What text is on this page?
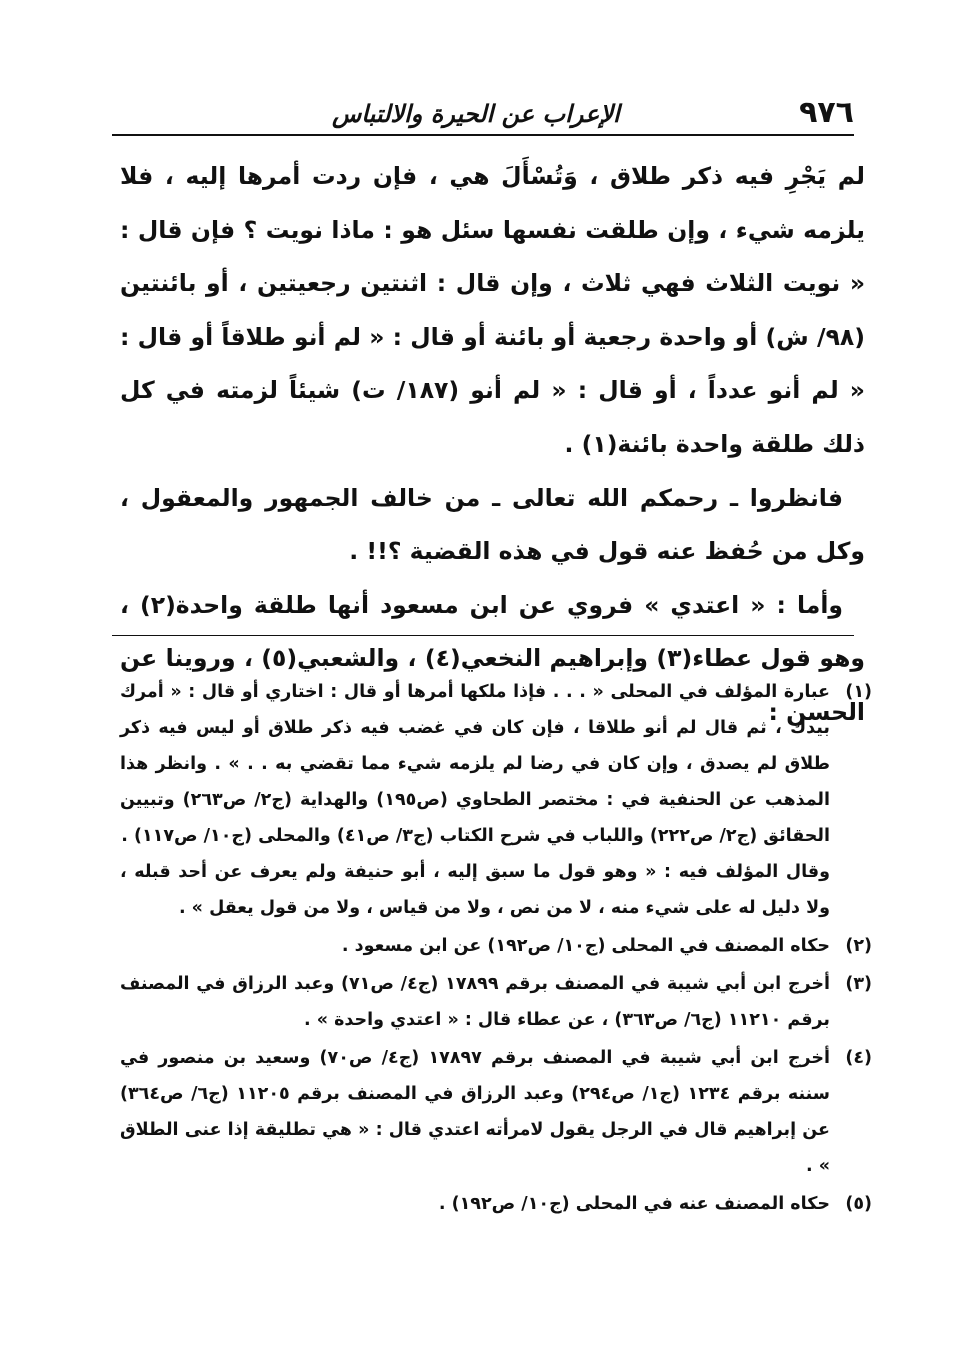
٩٧٦
الإعراب عن الحيرة والالتباس

لم يَجْرِ فيه ذكر طلاق ، وَتُسْأَلَ هي ، فإن ردت أمرها إليه ، فلا يلزمه شيء ، وإن طلقت نفسها سئل هو : ماذا نويت ؟ فإن قال : « نويت الثلاث فهي ثلاث ، وإن قال : اثنتين رجعيتين ، أو بائنتين (٩٨/ ش) أو واحدة رجعية أو بائنة أو قال : « لم أنو طلاقاً أو قال : « لم أنو عدداً ، أو قال : « لم أنو (١٨٧/ ت) شيئاً لزمته في كل ذلك طلقة واحدة بائنة(١) .

فانظروا ـ رحمكم الله تعالى ـ من خالف الجمهور والمعقول ، وكل من حُفظ عنه قول في هذه القضية ؟!! .

وأما : « اعتدي » فروي عن ابن مسعود أنها طلقة واحدة(٢) ، وهو قول عطاء(٣) وإبراهيم النخعي(٤) ، والشعبي(٥) ، وروينا عن الحسن :

(١)
عبارة المؤلف في المحلى « . . . فإذا ملكها أمرها أو قال : اختاري أو قال : « أمرك بيدك ، ثم قال لم أنو طلاقا ، فإن كان في غضب فيه ذكر طلاق أو ليس فيه ذكر طلاق لم يصدق ، وإن كان في رضا لم يلزمه شيء مما تقضي به . . » . وانظر هذا المذهب عن الحنفية في : مختصر الطحاوي (ص١٩٥) والهداية (ج٢/ ص٢٦٣) وتبيين الحقائق (ج٢/ ص٢٢٢) واللباب في شرح الكتاب (ج٣/ ص٤١) والمحلى (ج١٠/ ص١١٧) .
وقال المؤلف فيه : « وهو قول ما سبق إليه ، أبو حنيفة ولم يعرف عن أحد قبله ، ولا دليل له على شيء منه ، لا من نص ، ولا من قياس ، ولا من قول يعقل » .
(٢)
حكاه المصنف في المحلى (ج١٠/ ص١٩٢) عن ابن مسعود .
(٣)
أخرج ابن أبي شيبة في المصنف برقم ١٧٨٩٩ (ج٤/ ص٧١) وعبد الرزاق في المصنف برقم ١١٢١٠ (ج٦/ ص٣٦٣) ، عن عطاء قال : « اعتدي واحدة » .
(٤)
أخرج ابن أبي شيبة في المصنف برقم ١٧٨٩٧ (ج٤/ ص٧٠) وسعيد بن منصور في سننه برقم ١٢٣٤ (ج١/ ص٢٩٤) وعبد الرزاق في المصنف برقم ١١٢٠٥ (ج٦/ ص٣٦٤) عن إبراهيم قال في الرجل يقول لامرأته اعتدي قال : « هي تطليقة إذا عنى الطلاق » .
(٥)
حكاه المصنف عنه في المحلى (ج١٠/ ص١٩٢) .
